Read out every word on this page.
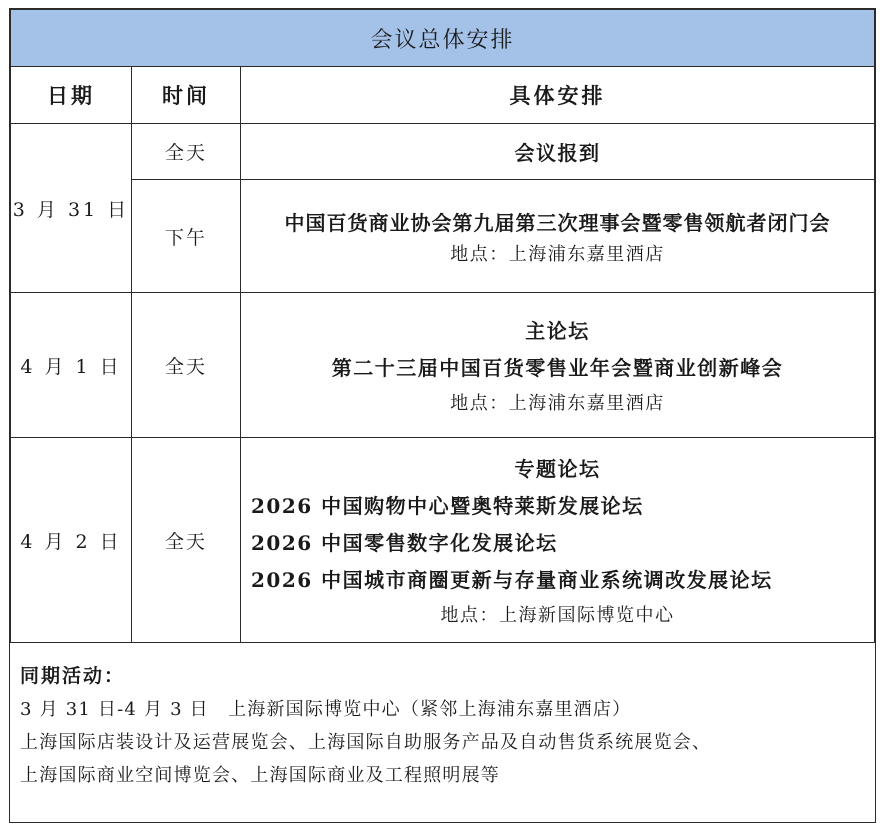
会议总体安排		
日期	时间	具体安排
3 月 31 日	全天	会议报到

	下午	中国百货商业协会第九届第三次理事会暨零售领航者闭门会
地点：上海浦东嘉里酒店

4 月 1 日	全天	主论坛
第二十三届中国百货零售业年会暨商业创新峰会
地点：上海浦东嘉里酒店

4 月 2 日	全天	专题论坛
2026 中国购物中心暨奥特莱斯发展论坛
2026 中国零售数字化发展论坛
2026 中国城市商圈更新与存量商业系统调改发展论坛
地点：上海新国际博览中心
同期活动：
3 月 31 日-4 月 3 日　上海新国际博览中心（紧邻上海浦东嘉里酒店）
上海国际店装设计及运营展览会、上海国际自助服务产品及自动售货系统展览会、
上海国际商业空间博览会、上海国际商业及工程照明展等
